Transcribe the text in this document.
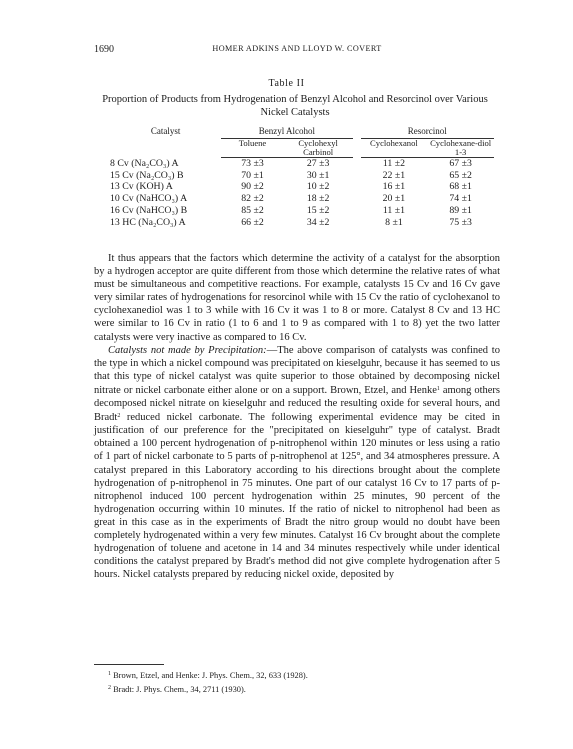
1690	HOMER ADKINS AND LLOYD W. COVERT
Table II
Proportion of Products from Hydrogenation of Benzyl Alcohol and Resorcinol over Various Nickel Catalysts
Catalyst	Benzyl Alcohol			Resorcinol	
	Toluene	Cyclohexyl Carbinol		Cyclohexanol	Cyclohexane-diol 1-3
8 Cv (Na₂CO₃) A	73 ±3	27 ±3		11 ±2	67 ±3
15 Cv (Na₂CO₃) B	70 ±1	30 ±1		22 ±1	65 ±2
13 Cv (KOH) A	90 ±2	10 ±2		16 ±1	68 ±1
10 Cv (NaHCO₃) A	82 ±2	18 ±2		20 ±1	74 ±1
16 Cv (NaHCO₃) B	85 ±2	15 ±2		11 ±1	89 ±1
13 HC (Na₂CO₃) A	66 ±2	34 ±2		8 ±1	75 ±3

It thus appears that the factors which determine the activity of a catalyst for the absorption by a hydrogen acceptor are quite different from those which determine the relative rates of what must be simultaneous and competitive reactions. For example, catalysts 15 Cv and 16 Cv gave very similar rates of hydrogenations for resorcinol while with 15 Cv the ratio of cyclohexanol to cyclohexanediol was 1 to 3 while with 16 Cv it was 1 to 8 or more. Catalyst 8 Cv and 13 HC were similar to 16 Cv in ratio (1 to 6 and 1 to 9 as compared with 1 to 8) yet the two latter catalysts were very inactive as compared to 16 Cv.

Catalysts not made by Precipitation:—The above comparison of catalysts was confined to the type in which a nickel compound was precipitated on kieselguhr, because it has seemed to us that this type of nickel catalyst was quite superior to those obtained by decomposing nickel nitrate or nickel carbonate either alone or on a support. Brown, Etzel, and Henke$^1$ among others decomposed nickel nitrate on kieselguhr and reduced the resulting oxide for several hours, and Bradt$^2$ reduced nickel carbonate. The following experimental evidence may be cited in justification of our preference for the "precipitated on kieselguhr" type of catalyst. Bradt obtained a 100 percent hydrogenation of p-nitrophenol within 120 minutes or less using a ratio of 1 part of nickel carbonate to 5 parts of p-nitrophenol at 125°, and 34 atmospheres pressure. A catalyst prepared in this Laboratory according to his directions brought about the complete hydrogenation of p-nitrophenol in 75 minutes. One part of our catalyst 16 Cv to 17 parts of p-nitrophenol induced 100 percent hydrogenation within 25 minutes, 90 percent of the hydrogenation occurring within 10 minutes. If the ratio of nickel to nitrophenol had been as great in this case as in the experiments of Bradt the nitro group would no doubt have been completely hydrogenated within a very few minutes. Catalyst 16 Cv brought about the complete hydrogenation of toluene and acetone in 14 and 34 minutes respectively while under identical conditions the catalyst prepared by Bradt's method did not give complete hydrogenation after 5 hours. Nickel catalysts prepared by reducing nickel oxide, deposited by

$^1$ Brown, Etzel, and Henke: J. Phys. Chem., 32, 633 (1928).
$^2$ Bradt: J. Phys. Chem., 34, 2711 (1930).
